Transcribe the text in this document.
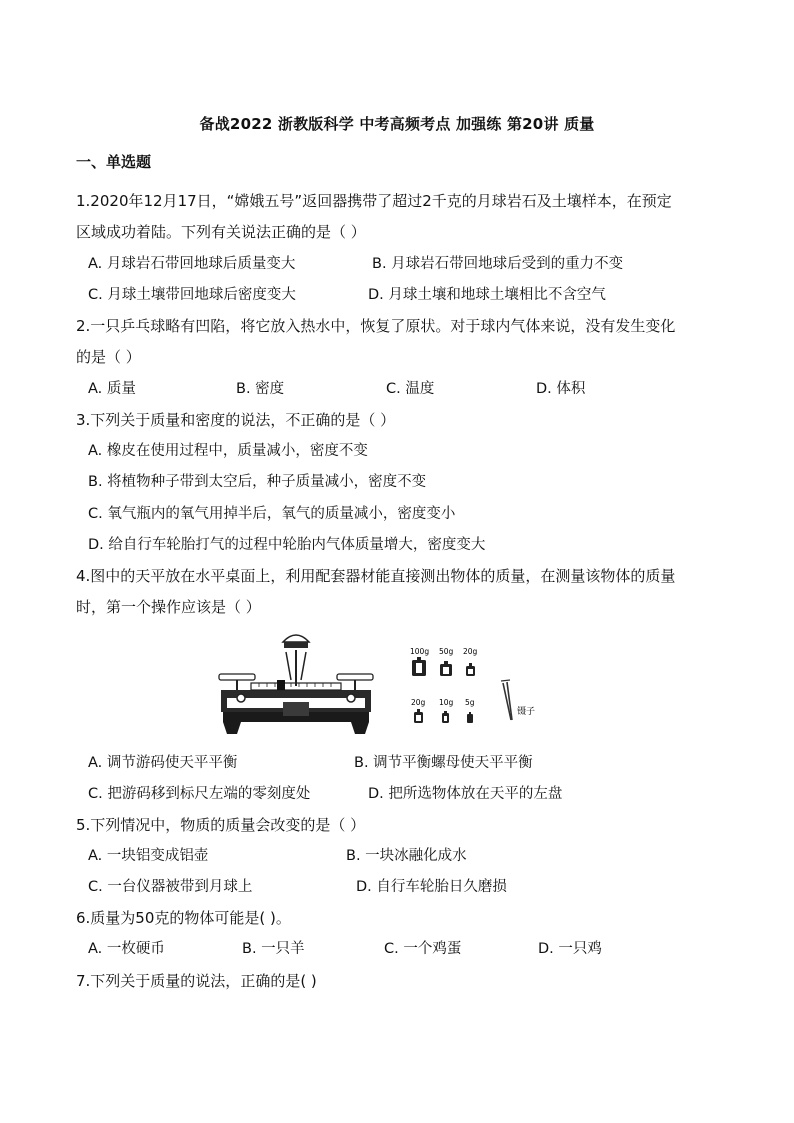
备战2022 浙教版科学 中考高频考点 加强练 第20讲 质量
一、单选题
1.2020年12月17日，“嫦娥五号”返回器携带了超过2千克的月球岩石及土壤样本，在预定
区域成功着陆。下列有关说法正确的是（ ）
A. 月球岩石带回地球后质量变大	B. 月球岩石带回地球后受到的重力不变
C. 月球土壤带回地球后密度变大	D. 月球土壤和地球土壤相比不含空气
2.一只乒乓球略有凹陷，将它放入热水中，恢复了原状。对于球内气体来说，没有发生变化
的是（ ）
A. 质量	B. 密度	C. 温度	D. 体积
3.下列关于质量和密度的说法，不正确的是（ ）
A. 橡皮在使用过程中，质量减小，密度不变
B. 将植物种子带到太空后，种子质量减小，密度不变
C. 氧气瓶内的氧气用掉半后，氧气的质量减小，密度变小
D. 给自行车轮胎打气的过程中轮胎内气体质量增大，密度变大
4.图中的天平放在水平桌面上，利用配套器材能直接测出物体的质量，在测量该物体的质量
时，第一个操作应该是（ ）
100g 50g 20g
20g 10g 5g
镊子
A. 调节游码使天平平衡	B. 调节平衡螺母使天平平衡
C. 把游码移到标尺左端的零刻度处	D. 把所选物体放在天平的左盘
5.下列情况中，物质的质量会改变的是（ ）
A. 一块铝变成铝壶	B. 一块冰融化成水
C. 一台仪器被带到月球上	D. 自行车轮胎日久磨损
6.质量为50克的物体可能是( )。
A. 一枚硬币	B. 一只羊	C. 一个鸡蛋	D. 一只鸡
7.下列关于质量的说法，正确的是( )
